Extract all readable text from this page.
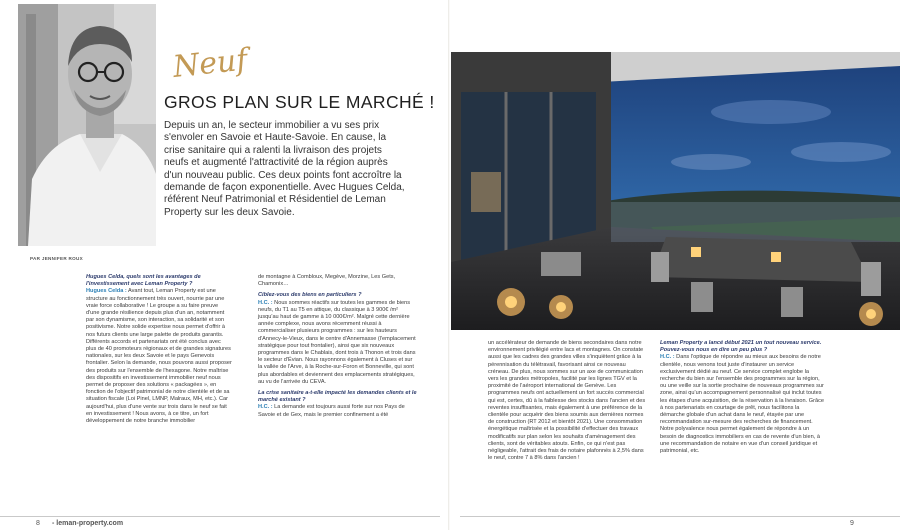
PAR JENNIFER ROUX
Neuf
GROS PLAN SUR LE MARCHÉ !

Depuis un an, le secteur immobilier a vu ses prix s'envoler en Savoie et Haute-Savoie. En cause, la crise sanitaire qui a ralenti la livraison des projets neufs et augmenté l'attractivité de la région auprès d'un nouveau public. Ces deux points font accroître la demande de façon exponentielle. Avec Hugues Celda, référent Neuf Patrimonial et Résidentiel de Leman Property sur les deux Savoie.

Hugues Celda, quels sont les avantages de l'investissement avec Leman Property ?

Hugues Celda : Avant tout, Leman Property est une structure au fonctionnement très ouvert, nourrie par une vraie force collaborative ! Le groupe a su faire preuve d'une grande résilience depuis plus d'un an, notamment par son dynamisme, son interaction, sa solidarité et son positivisme. Notre solide expertise nous permet d'offrir à nos futurs clients une large palette de produits garantis. Différents accords et partenariats ont été conclus avec plus de 40 promoteurs régionaux et de grandes signatures nationales, sur les deux Savoie et le pays Genevois frontalier. Selon la demande, nous pouvons aussi proposer des produits sur l'ensemble de l'hexagone. Notre maîtrise des dispositifs en investissement immobilier neuf nous permet de proposer des solutions « packagées », en fonction de l'objectif patrimonial de notre clientèle et de sa situation fiscale (Loi Pinel, LMNP, Malraux, MH, etc.). Car aujourd'hui, plus d'une vente sur trois dans le neuf se fait en investissement ! Nous avons, à ce titre, un fort développement de notre branche immobilier

de montagne à Combloux, Megève, Morzine, Les Gets, Chamonix…

Ciblez-vous des biens en particuliers ?

H.C. : Nous sommes réactifs sur toutes les gammes de biens neufs, du T1 au T5 en attique, du classique à 3 900€ /m² jusqu'au haut de gamme à 10 000€/m². Malgré cette dernière année complexe, nous avons récemment réussi à commercialiser plusieurs programmes : sur les hauteurs d'Annecy-le-Vieux, dans le centre d'Annemasse (l'emplacement stratégique pour tout frontalier), ainsi que six nouveaux programmes dans le Chablais, dont trois à Thonon et trois dans le secteur d'Évian. Nous rayonnons également à Cluses et sur la vallée de l'Arve, à la Roche-sur-Foron et Bonneville, qui sont plus abordables et deviennent des emplacements stratégiques, au vu de l'arrivée du CEVA.

La crise sanitaire a-t-elle impacté les demandes clients et le marché existant ?

H.C. : La demande est toujours aussi forte sur nos Pays de Savoie et de Gex, mais le premier confinement a été

un accélérateur de demande de biens secondaires dans notre environnement privilégié entre lacs et montagnes. On constate aussi que les cadres des grandes villes s'inquiètent grâce à la pérennisation du télétravail, favorisant ainsi ce nouveau créneau. De plus, nous sommes sur un axe de communication vers les grandes métropoles, facilité par les lignes TGV et la proximité de l'aéroport international de Genève. Les programmes neufs ont actuellement un fort succès commercial qui est, certes, dû à la faiblesse des stocks dans l'ancien et des reventes insuffisantes, mais également à une préférence de la clientèle pour acquérir des biens soumis aux dernières normes de construction (RT 2012 et bientôt 2021). Une consommation énergétique maîtrisée et la possibilité d'effectuer des travaux modificatifs sur plan selon les souhaits d'aménagement des clients, sont de véritables atouts. Enfin, ce qui n'est pas négligeable, l'attrait des frais de notaire plafonnés à 2,5% dans le neuf, contre 7 à 8% dans l'ancien !

Leman Property a lancé début 2021 un tout nouveau service. Pouvez-vous nous en dire un peu plus ?

H.C. : Dans l'optique de répondre au mieux aux besoins de notre clientèle, nous venons tout juste d'instaurer un service exclusivement dédié au neuf. Ce service complet englobe la recherche du bien sur l'ensemble des programmes sur la région, ou une veille sur la sortie prochaine de nouveaux programmes sur zone, ainsi qu'un accompagnement personnalisé qui inclut toutes les étapes d'une acquisition, de la réservation à la livraison. Grâce à nos partenariats en courtage de prêt, nous facilitons la démarche globale d'un achat dans le neuf, étayée par une recommandation sur-mesure des recherches de financement. Notre polyvalence nous permet également de répondre à un besoin de diagnostics immobiliers en cas de revente d'un bien, à une recommandation de notaire en vue d'un conseil juridique et patrimonial, etc.

8 - leman-property.com	9
